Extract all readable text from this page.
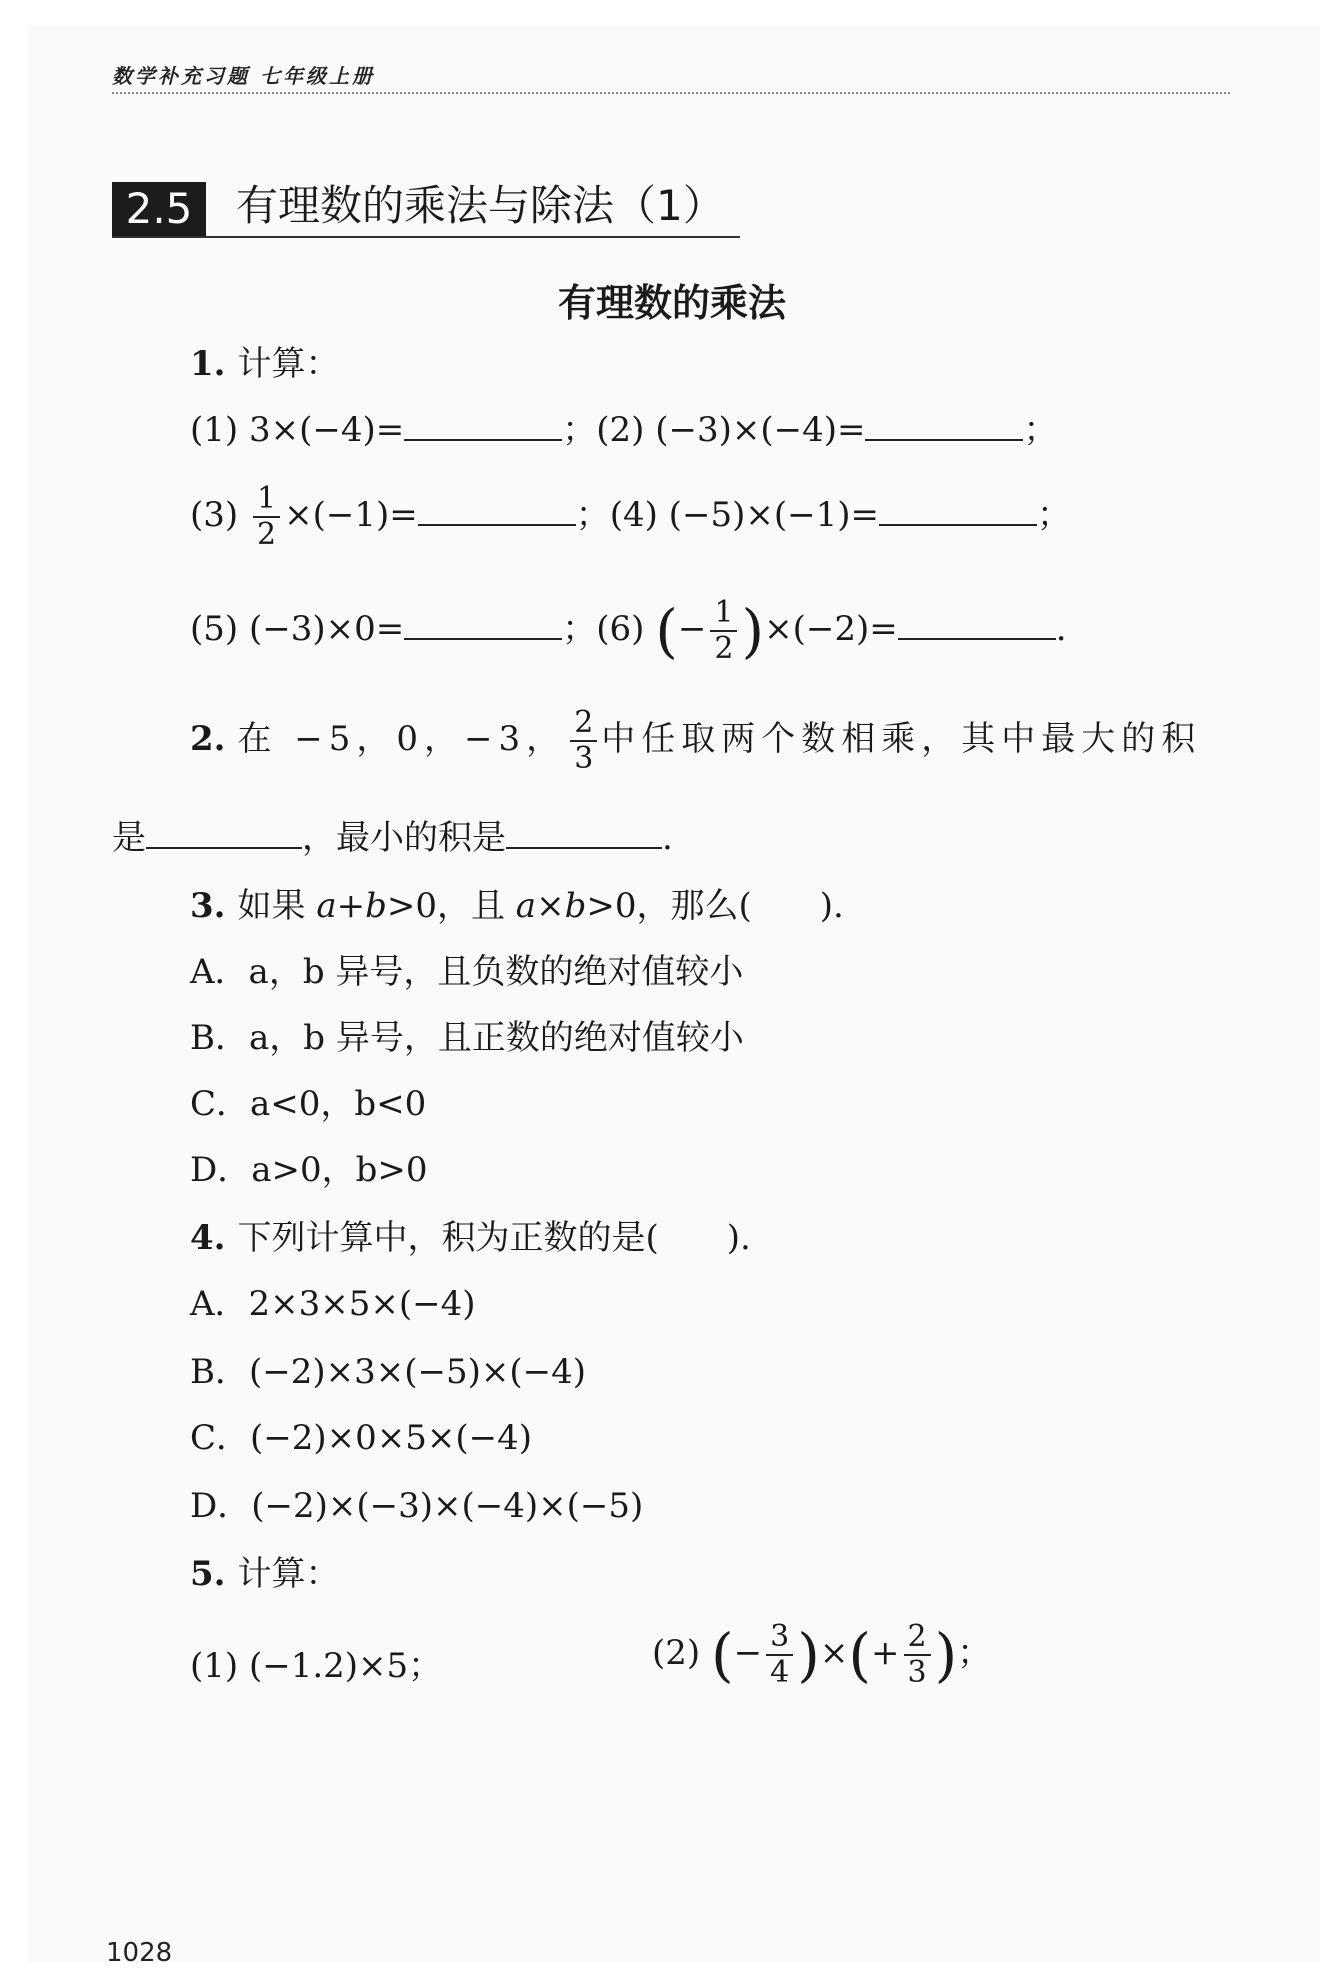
数学补充习题 七年级上册
2.5	有理数的乘法与除法（1）
有理数的乘法
1. 计算：
(1) 3×(−4)=	；(2) (−3)×(−4)=	；
$(3) \frac{1}{2} \times(-1)=$	；(4) (−5)×(−1)=	；
(5) (−3)×0=	；(6) (− $\frac{1}{2} )\times(-2)=$	.
2. 在 −5，0，−3， $\frac{2}{3}$ 中任取两个数相乘，其中最大的积
是	，最小的积是	.
3. 如果 a+b>0，且 a×b>0，那么(　　).
A．a，b 异号，且负数的绝对值较小
B．a，b 异号，且正数的绝对值较小
C．a<0，b<0
D．a>0，b>0
4. 下列计算中，积为正数的是(　　).
A．2×3×5×(−4)
B．(−2)×3×(−5)×(−4)
C．(−2)×0×5×(−4)
D．(−2)×(−3)×(−4)×(−5)
5. 计算：
(1) (−1.2)×5；	(2) (− $\frac{3}{4}$ )×(+ $\frac{2}{3}$ )；
1028
